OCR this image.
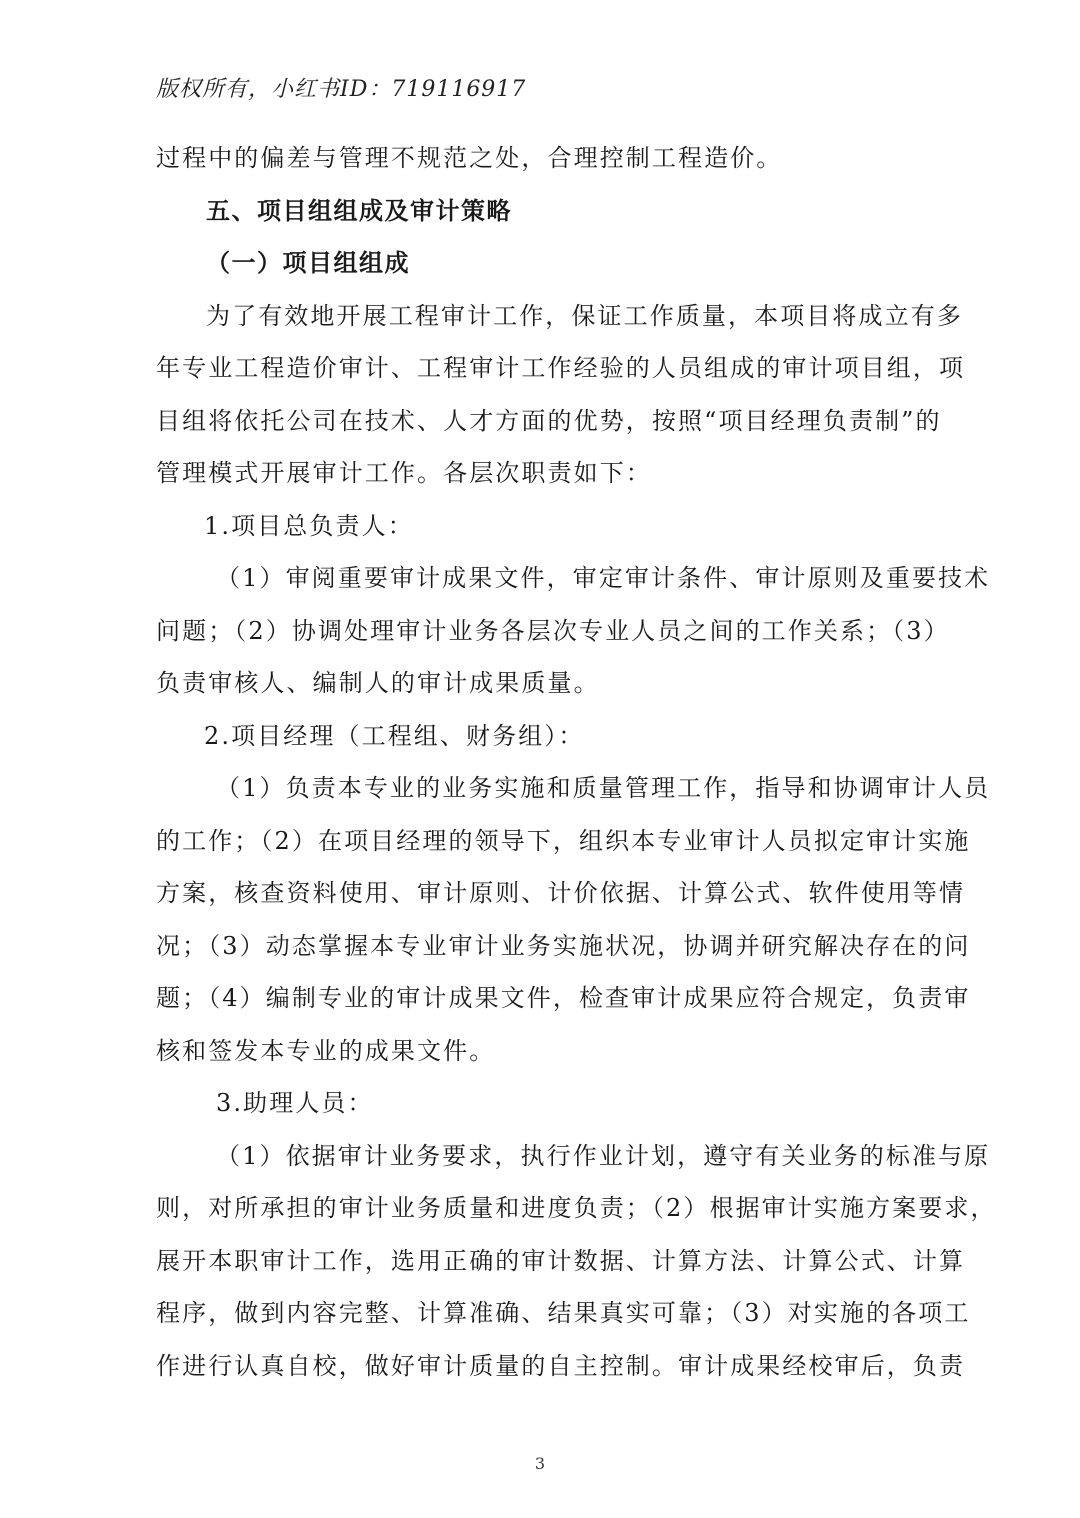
版权所有，小红书ID：719116917
过程中的偏差与管理不规范之处，合理控制工程造价。
五、项目组组成及审计策略
（一）项目组组成
为了有效地开展工程审计工作，保证工作质量，本项目将成立有多
年专业工程造价审计、工程审计工作经验的人员组成的审计项目组，项
目组将依托公司在技术、人才方面的优势，按照“项目经理负责制”的
管理模式开展审计工作。各层次职责如下：
1.项目总负责人：
（1）审阅重要审计成果文件，审定审计条件、审计原则及重要技术
问题；（2）协调处理审计业务各层次专业人员之间的工作关系；（3）
负责审核人、编制人的审计成果质量。
2.项目经理（工程组、财务组）：
（1）负责本专业的业务实施和质量管理工作，指导和协调审计人员
的工作；（2）在项目经理的领导下，组织本专业审计人员拟定审计实施
方案，核查资料使用、审计原则、计价依据、计算公式、软件使用等情
况；（3）动态掌握本专业审计业务实施状况，协调并研究解决存在的问
题；（4）编制专业的审计成果文件，检查审计成果应符合规定，负责审
核和签发本专业的成果文件。
3.助理人员：
（1）依据审计业务要求，执行作业计划，遵守有关业务的标准与原
则，对所承担的审计业务质量和进度负责；（2）根据审计实施方案要求，
展开本职审计工作，选用正确的审计数据、计算方法、计算公式、计算
程序，做到内容完整、计算准确、结果真实可靠；（3）对实施的各项工
作进行认真自校，做好审计质量的自主控制。审计成果经校审后，负责
3
